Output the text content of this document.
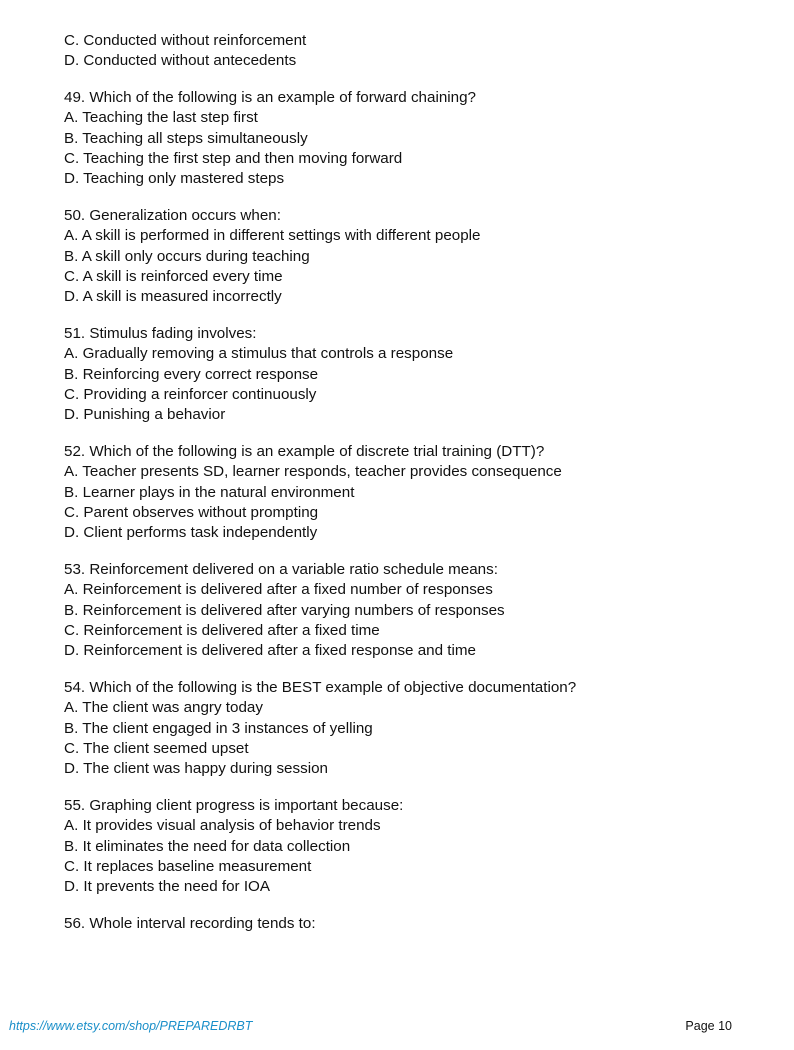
C. Conducted without reinforcement
D. Conducted without antecedents
49. Which of the following is an example of forward chaining?
A. Teaching the last step first
B. Teaching all steps simultaneously
C. Teaching the first step and then moving forward
D. Teaching only mastered steps
50. Generalization occurs when:
A. A skill is performed in different settings with different people
B. A skill only occurs during teaching
C. A skill is reinforced every time
D. A skill is measured incorrectly
51. Stimulus fading involves:
A. Gradually removing a stimulus that controls a response
B. Reinforcing every correct response
C. Providing a reinforcer continuously
D. Punishing a behavior
52. Which of the following is an example of discrete trial training (DTT)?
A. Teacher presents SD, learner responds, teacher provides consequence
B. Learner plays in the natural environment
C. Parent observes without prompting
D. Client performs task independently
53. Reinforcement delivered on a variable ratio schedule means:
A. Reinforcement is delivered after a fixed number of responses
B. Reinforcement is delivered after varying numbers of responses
C. Reinforcement is delivered after a fixed time
D. Reinforcement is delivered after a fixed response and time
54. Which of the following is the BEST example of objective documentation?
A. The client was angry today
B. The client engaged in 3 instances of yelling
C. The client seemed upset
D. The client was happy during session
55. Graphing client progress is important because:
A. It provides visual analysis of behavior trends
B. It eliminates the need for data collection
C. It replaces baseline measurement
D. It prevents the need for IOA
56. Whole interval recording tends to:
https://www.etsy.com/shop/PREPAREDRBT	Page 10
